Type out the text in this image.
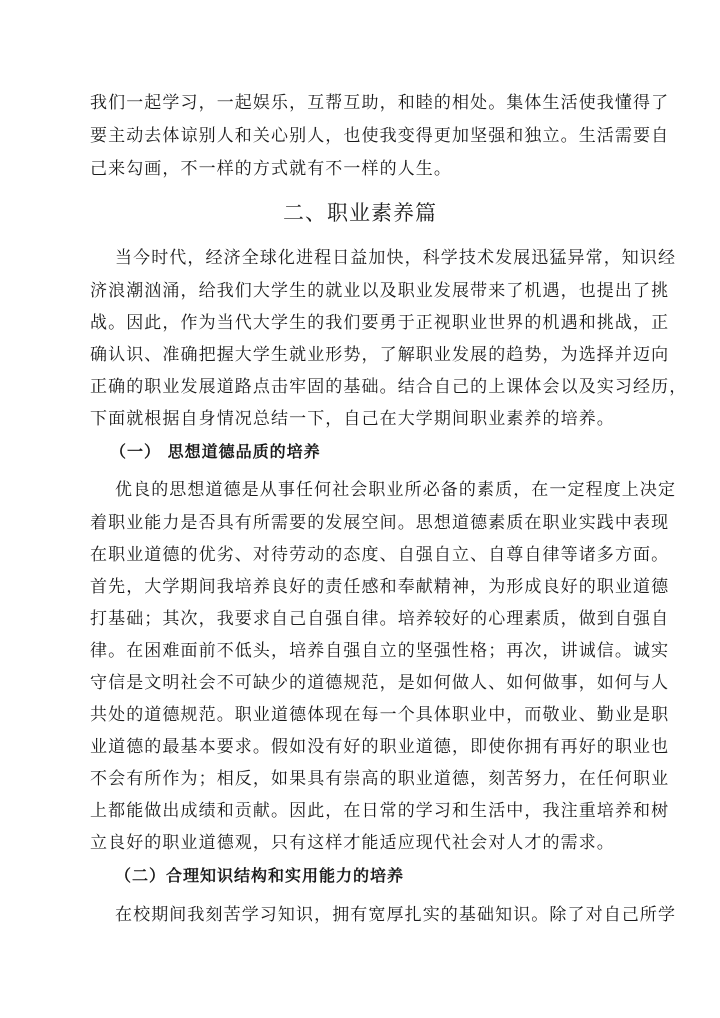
我们一起学习，一起娱乐，互帮互助，和睦的相处。集体生活使我懂得了
要主动去体谅别人和关心别人，也使我变得更加坚强和独立。生活需要自
己来勾画，不一样的方式就有不一样的人生。
二、职业素养篇
当今时代，经济全球化进程日益加快，科学技术发展迅猛异常，知识经
济浪潮汹涌，给我们大学生的就业以及职业发展带来了机遇，也提出了挑
战。因此，作为当代大学生的我们要勇于正视职业世界的机遇和挑战，正
确认识、准确把握大学生就业形势，了解职业发展的趋势，为选择并迈向
正确的职业发展道路点击牢固的基础。结合自己的上课体会以及实习经历，
下面就根据自身情况总结一下，自己在大学期间职业素养的培养。
（一） 思想道德品质的培养
优良的思想道德是从事任何社会职业所必备的素质，在一定程度上决定
着职业能力是否具有所需要的发展空间。思想道德素质在职业实践中表现
在职业道德的优劣、对待劳动的态度、自强自立、自尊自律等诸多方面。
首先，大学期间我培养良好的责任感和奉献精神，为形成良好的职业道德
打基础；其次，我要求自己自强自律。培养较好的心理素质，做到自强自
律。在困难面前不低头，培养自强自立的坚强性格；再次，讲诚信。诚实
守信是文明社会不可缺少的道德规范，是如何做人、如何做事，如何与人
共处的道德规范。职业道德体现在每一个具体职业中，而敬业、勤业是职
业道德的最基本要求。假如没有好的职业道德，即使你拥有再好的职业也
不会有所作为；相反，如果具有崇高的职业道德，刻苦努力，在任何职业
上都能做出成绩和贡献。因此，在日常的学习和生活中，我注重培养和树
立良好的职业道德观，只有这样才能适应现代社会对人才的需求。
（二）合理知识结构和实用能力的培养
在校期间我刻苦学习知识，拥有宽厚扎实的基础知识。除了对自己所学
